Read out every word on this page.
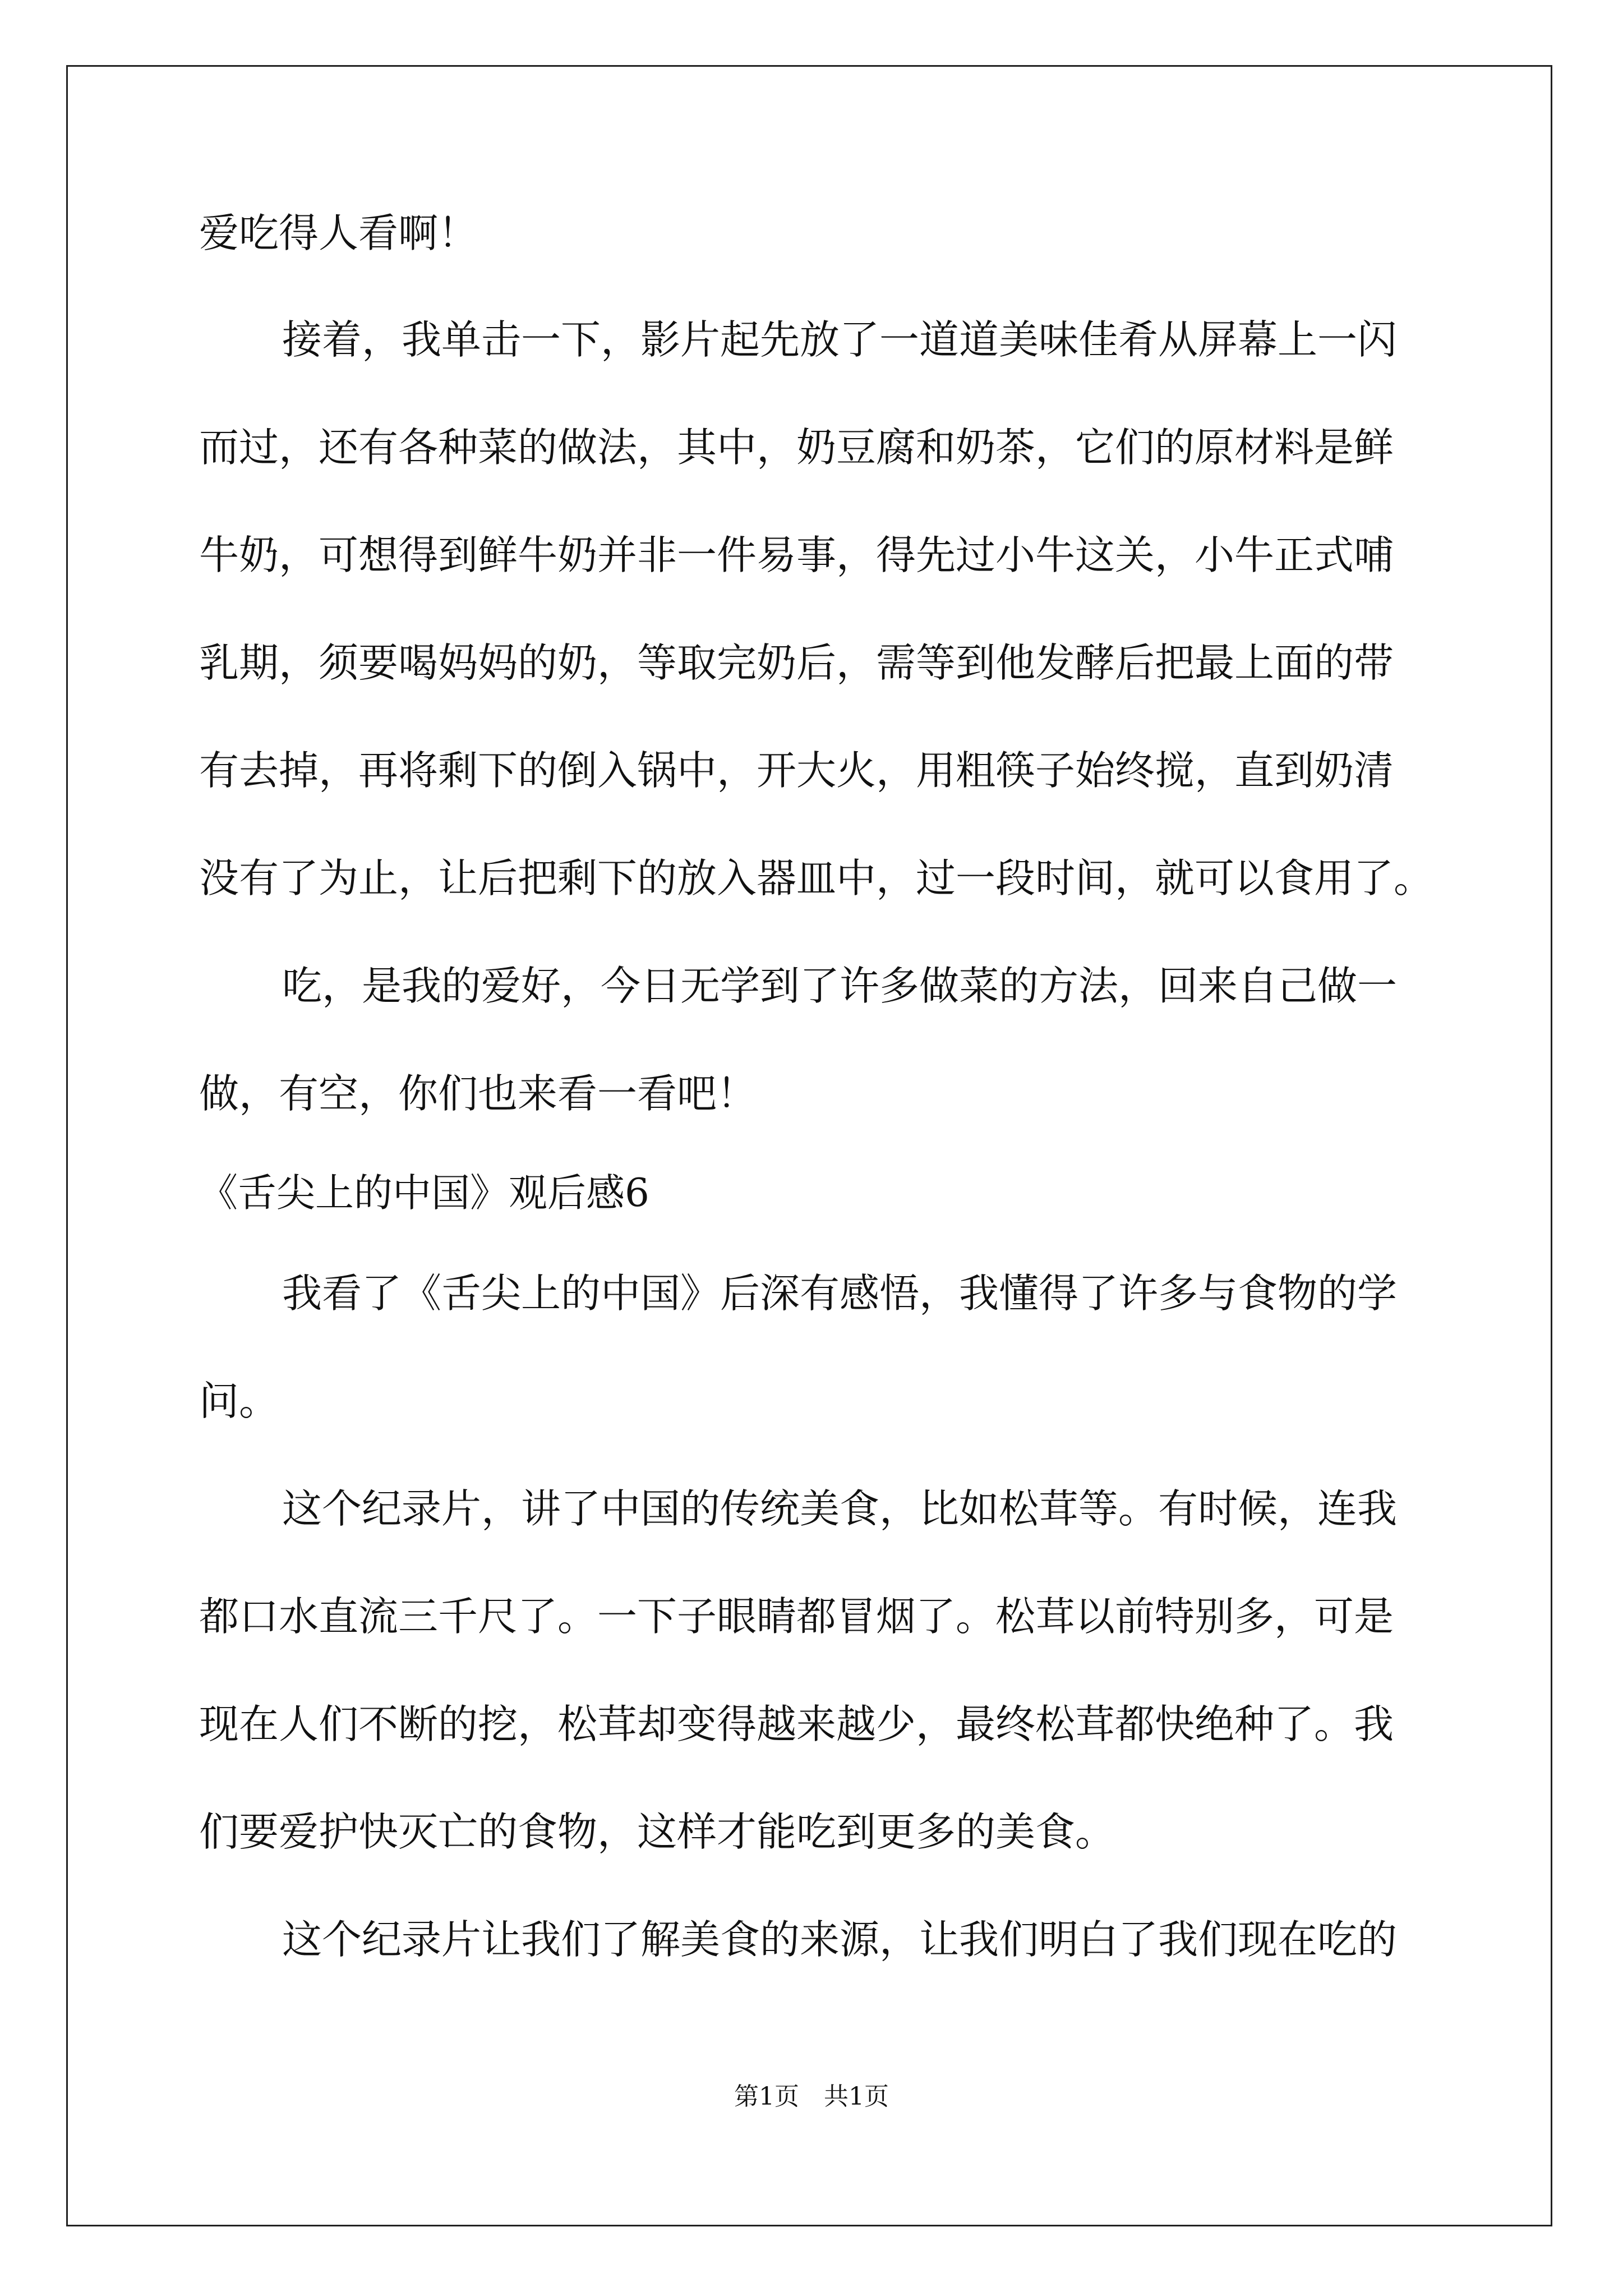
爱吃得人看啊！
接着，我单击一下，影片起先放了一道道美味佳肴从屏幕上一闪
而过，还有各种菜的做法，其中，奶豆腐和奶茶，它们的原材料是鲜
牛奶，可想得到鲜牛奶并非一件易事，得先过小牛这关，小牛正式哺
乳期，须要喝妈妈的奶，等取完奶后，需等到他发酵后把最上面的带
有去掉，再将剩下的倒入锅中，开大火，用粗筷子始终搅，直到奶清
没有了为止，让后把剩下的放入器皿中，过一段时间，就可以食用了。
吃，是我的爱好，今日无学到了许多做菜的方法，回来自己做一
做，有空，你们也来看一看吧！
《舌尖上的中国》观后感6
我看了《舌尖上的中国》后深有感悟，我懂得了许多与食物的学
问。
这个纪录片，讲了中国的传统美食，比如松茸等。有时候，连我
都口水直流三千尺了。一下子眼睛都冒烟了。松茸以前特别多，可是
现在人们不断的挖，松茸却变得越来越少，最终松茸都快绝种了。我
们要爱护快灭亡的食物，这样才能吃到更多的美食。
这个纪录片让我们了解美食的来源，让我们明白了我们现在吃的
第1页　共1页
